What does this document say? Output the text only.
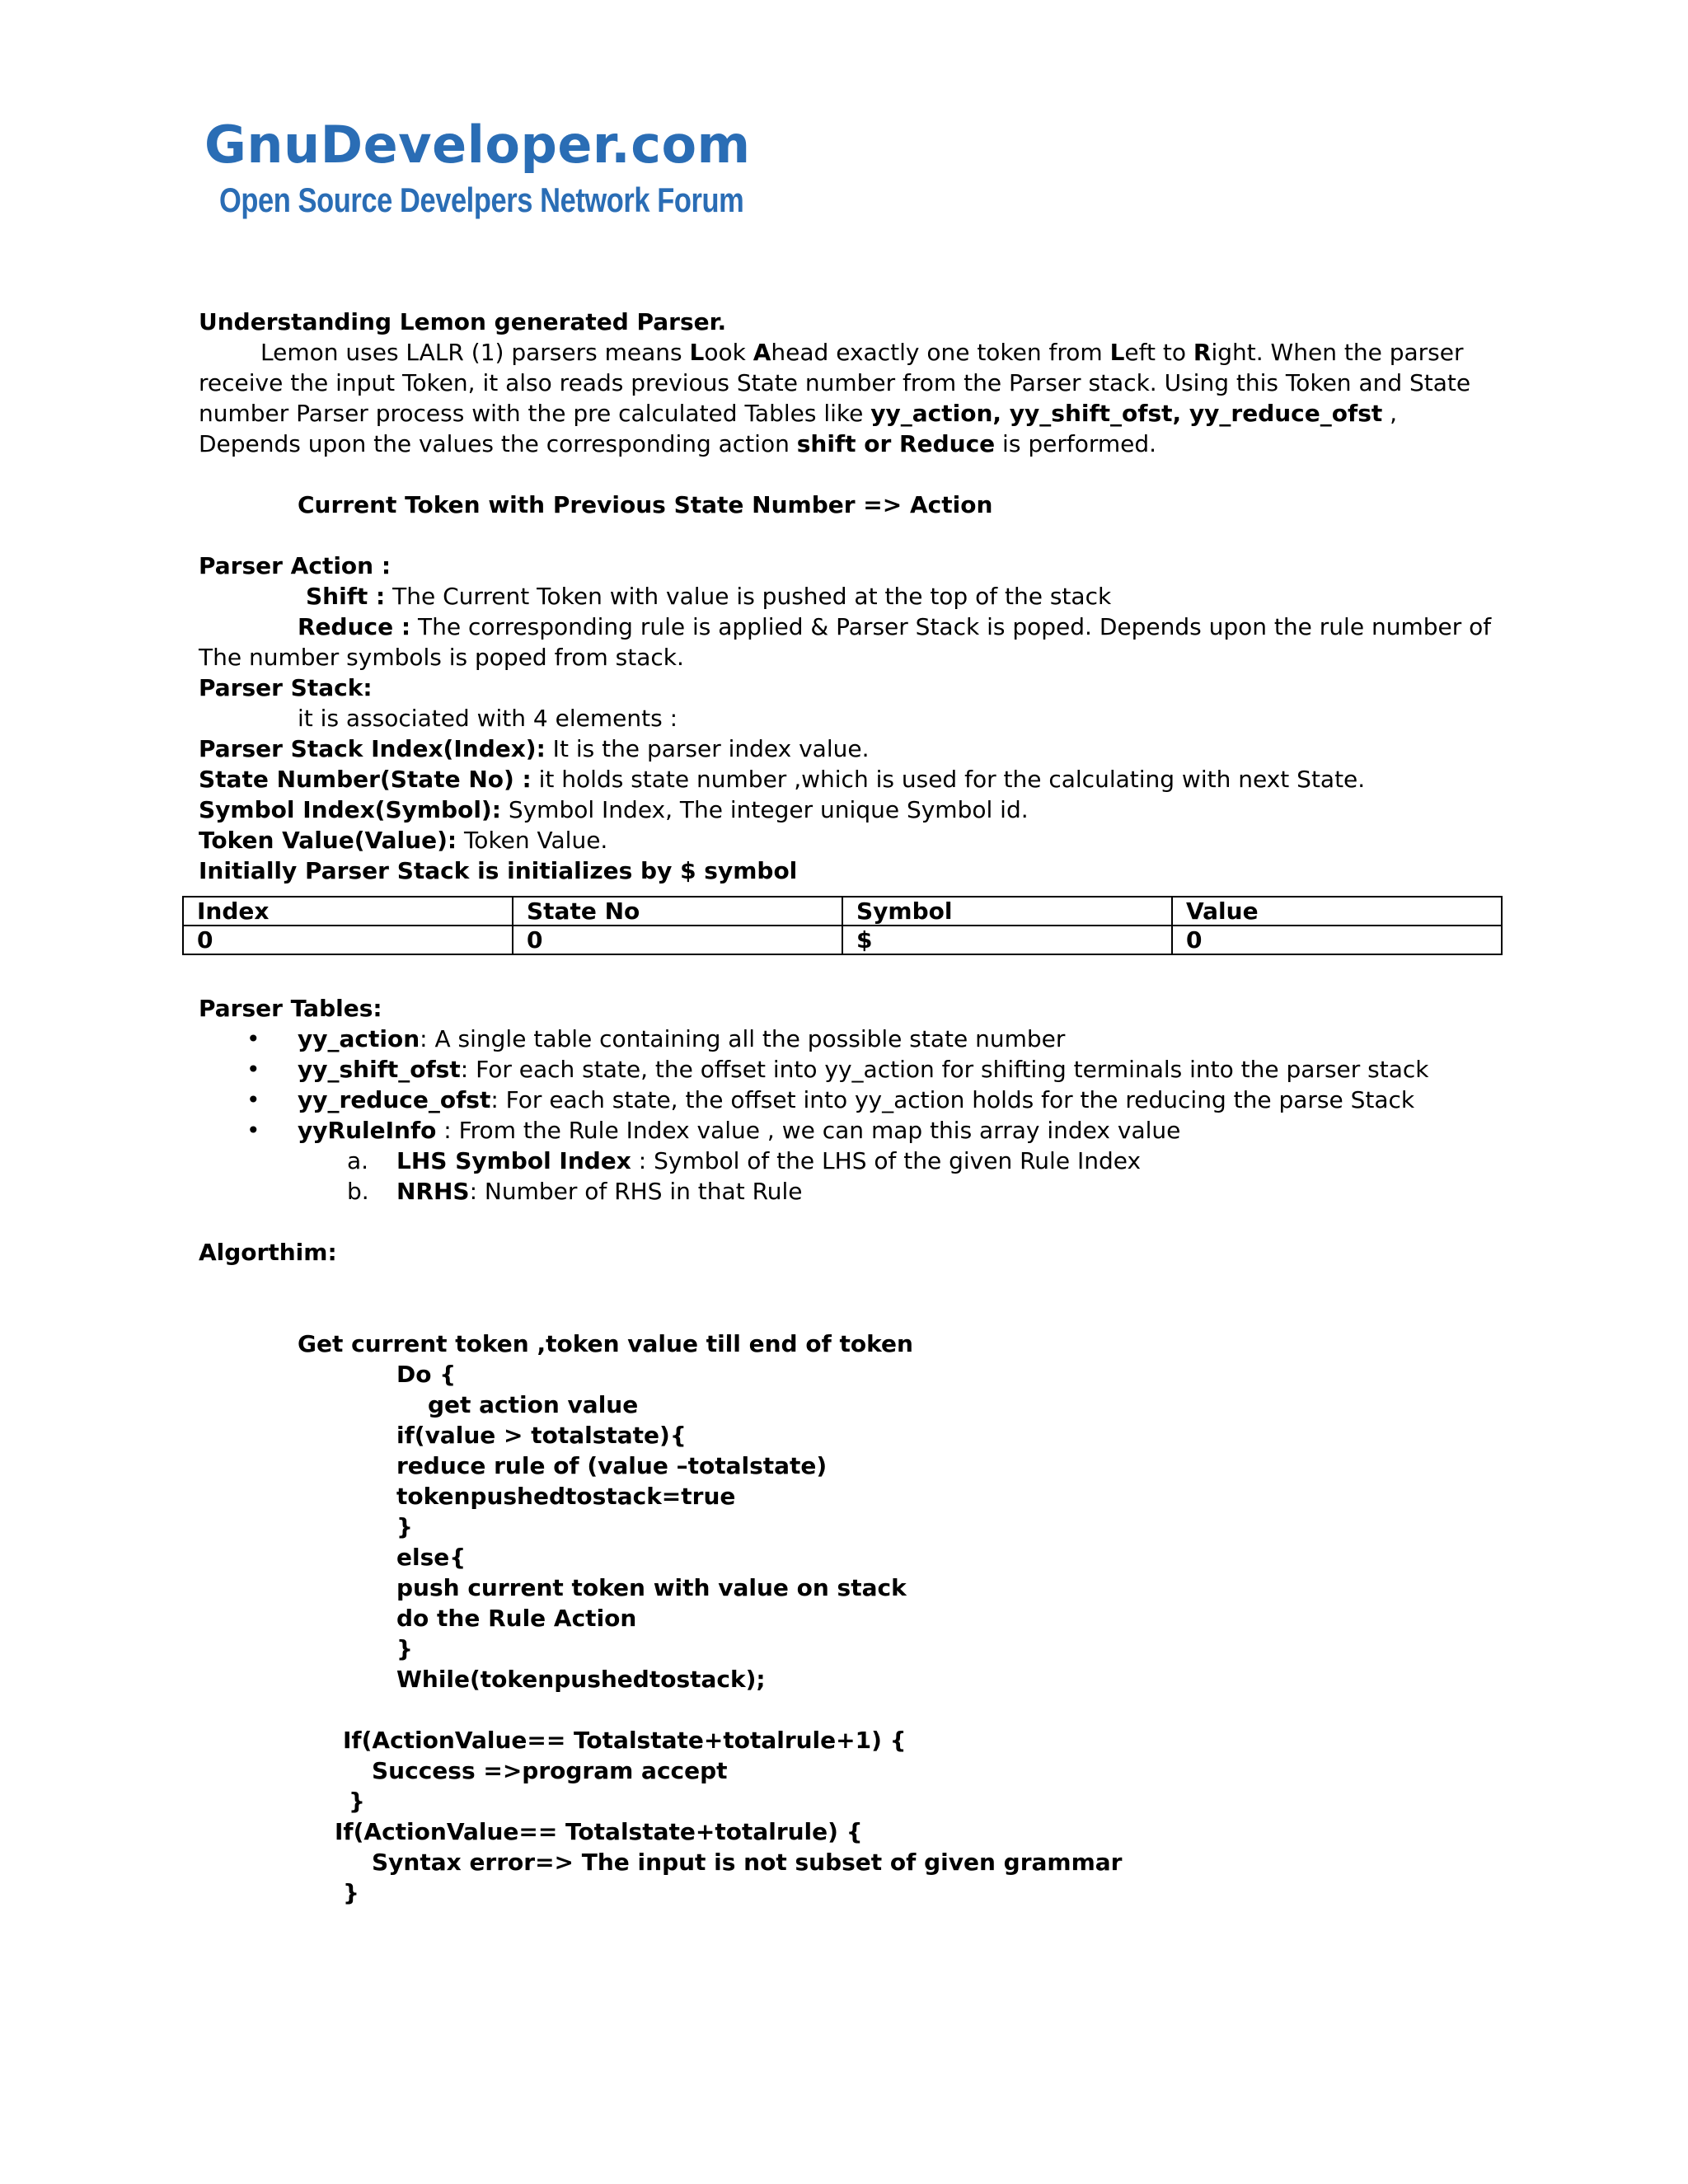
GnuDeveloper.com
Open Source Develpers Network Forum
Understanding Lemon generated Parser.
Lemon uses LALR (1) parsers means Look Ahead exactly one token from Left to Right. When the parser
receive the input Token, it also reads previous State number from the Parser stack. Using this Token and State
number Parser process with the pre calculated Tables like yy_action, yy_shift_ofst, yy_reduce_ofst ,
Depends upon the values the corresponding action shift or Reduce is performed.
Current Token with Previous State Number => Action
Parser Action :
Shift : The Current Token with value is pushed at the top of the stack
Reduce : The corresponding rule is applied & Parser Stack is poped. Depends upon the rule number of
The number symbols is poped from stack.
Parser Stack:
it is associated with 4 elements :
Parser Stack Index(Index): It is the parser index value.
State Number(State No) : it holds state number ,which is used for the calculating with next State.
Symbol Index(Symbol): Symbol Index, The integer unique Symbol id.
Token Value(Value): Token Value.
Initially Parser Stack is initializes by $ symbol
Index	State No	Symbol	Value
0	0	$	0
Parser Tables:
• yy_action: A single table containing all the possible state number
• yy_shift_ofst: For each state, the offset into yy_action for shifting terminals into the parser stack
• yy_reduce_ofst: For each state, the offset into yy_action holds for the reducing the parse Stack
• yyRuleInfo : From the Rule Index value , we can map this array index value
a. LHS Symbol Index : Symbol of the LHS of the given Rule Index
b. NRHS: Number of RHS in that Rule
Algorthim:
Get current token ,token value till end of token
Do {
get action value
if(value > totalstate){
reduce rule of (value –totalstate)
tokenpushedtostack=true
}
else{
push current token with value on stack
do the Rule Action
}
While(tokenpushedtostack);
If(ActionValue== Totalstate+totalrule+1) {
Success =>program accept
}
If(ActionValue== Totalstate+totalrule) {
Syntax error=> The input is not subset of given grammar
}
